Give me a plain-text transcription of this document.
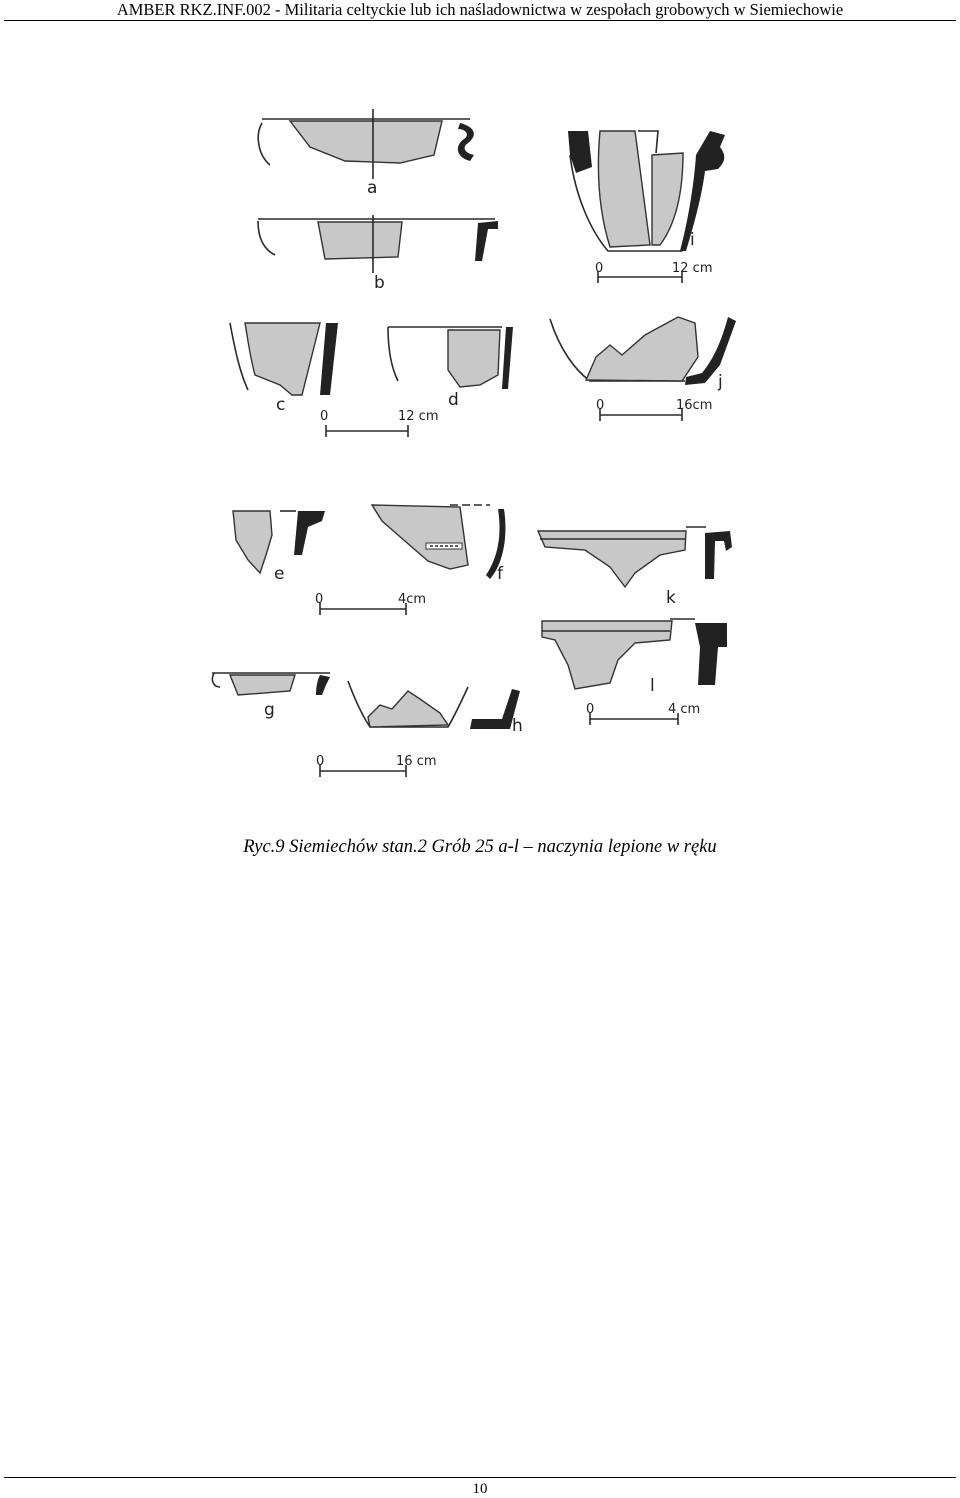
AMBER RKZ.INF.002 - Militaria celtyckie lub ich naśladownictwa w zespołach grobowych w Siemiechowie
a
b
i
0	12 cm
c	d
0	12 cm
j
0	16cm
e	f
0	4cm	k
l
0	4 cm
g
h
0	16 cm
Ryc.9 Siemiechów stan.2 Grób 25 a-l – naczynia lepione w ręku
10
